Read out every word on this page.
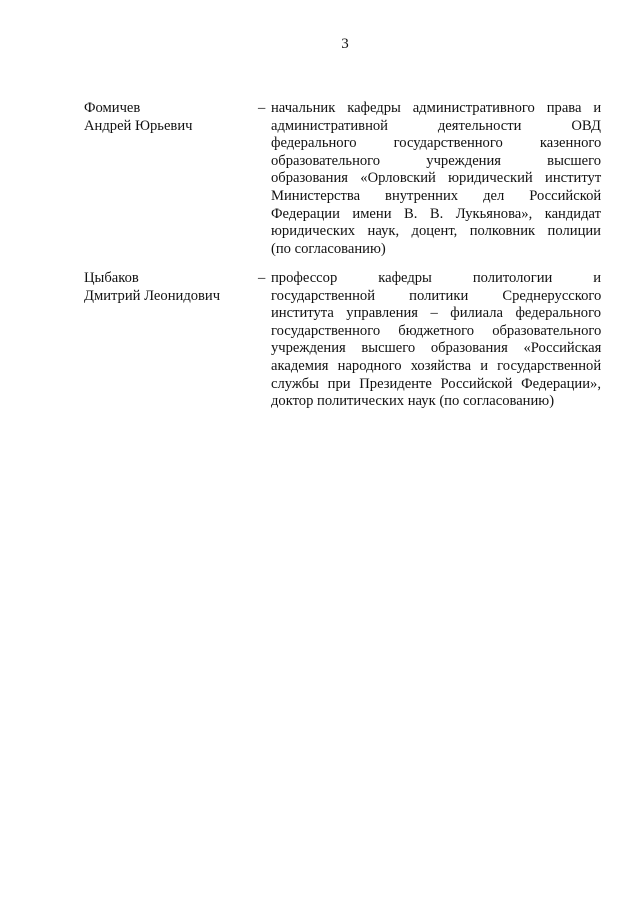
3
Фомичев
Андрей Юрьевич
– начальник кафедры административного права и
административной деятельности ОВД
федерального государственного казенного
образовательного учреждения высшего
образования «Орловский юридический институт
Министерства внутренних дел Российской
Федерации имени В. В. Лукьянова», кандидат
юридических наук, доцент, полковник полиции
(по согласованию)
Цыбаков
Дмитрий Леонидович
– профессор кафедры политологии и
государственной политики Среднерусского
института управления – филиала федерального
государственного бюджетного образовательного
учреждения высшего образования «Российская
академия народного хозяйства и государственной
службы при Президенте Российской Федерации»,
доктор политических наук (по согласованию)
